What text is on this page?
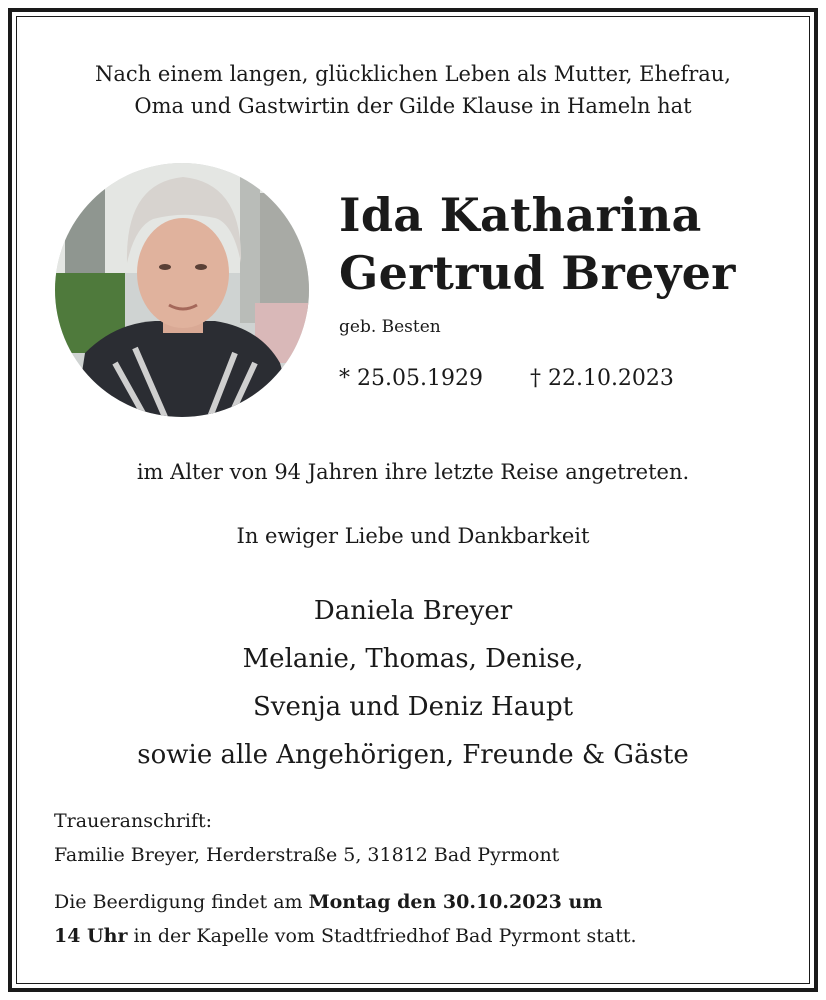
Nach einem langen, glücklichen Leben als Mutter, Ehefrau,
Oma und Gastwirtin der Gilde Klause in Hameln hat
Ida Katharina
Gertrud Breyer
geb. Besten
* 25.05.1929 † 22.10.2023
im Alter von 94 Jahren ihre letzte Reise angetreten.
In ewiger Liebe und Dankbarkeit
Daniela Breyer
Melanie, Thomas, Denise,
Svenja und Deniz Haupt
sowie alle Angehörigen, Freunde & Gäste
Traueranschrift:
Familie Breyer, Herderstraße 5, 31812 Bad Pyrmont
Die Beerdigung findet am Montag den 30.10.2023 um
14 Uhr in der Kapelle vom Stadtfriedhof Bad Pyrmont statt.
